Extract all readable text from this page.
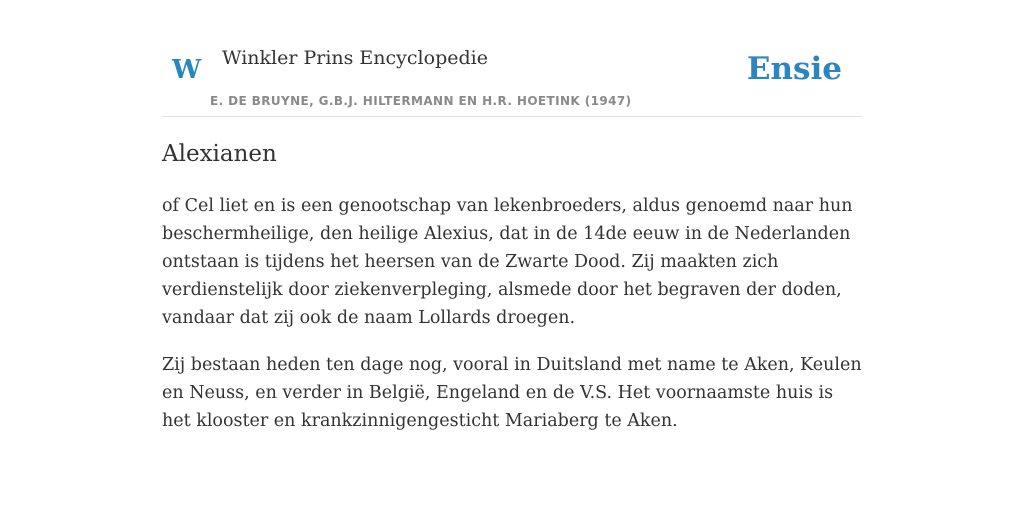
W Winkler Prins Encyclopedie
E. DE BRUYNE, G.B.J. HILTERMANN EN H.R. HOETINK (1947)
Ensie
Alexianen

of Cel liet en is een genootschap van lekenbroeders, aldus genoemd naar hun beschermheilige, den heilige Alexius, dat in de 14de eeuw in de Nederlanden ontstaan is tijdens het heersen van de Zwarte Dood. Zij maakten zich verdienstelijk door ziekenverpleging, alsmede door het begraven der doden, vandaar dat zij ook de naam Lollards droegen.

Zij bestaan heden ten dage nog, vooral in Duitsland met name te Aken, Keulen en Neuss, en verder in België, Engeland en de V.S. Het voornaamste huis is het klooster en krankzinnigengesticht Mariaberg te Aken.
